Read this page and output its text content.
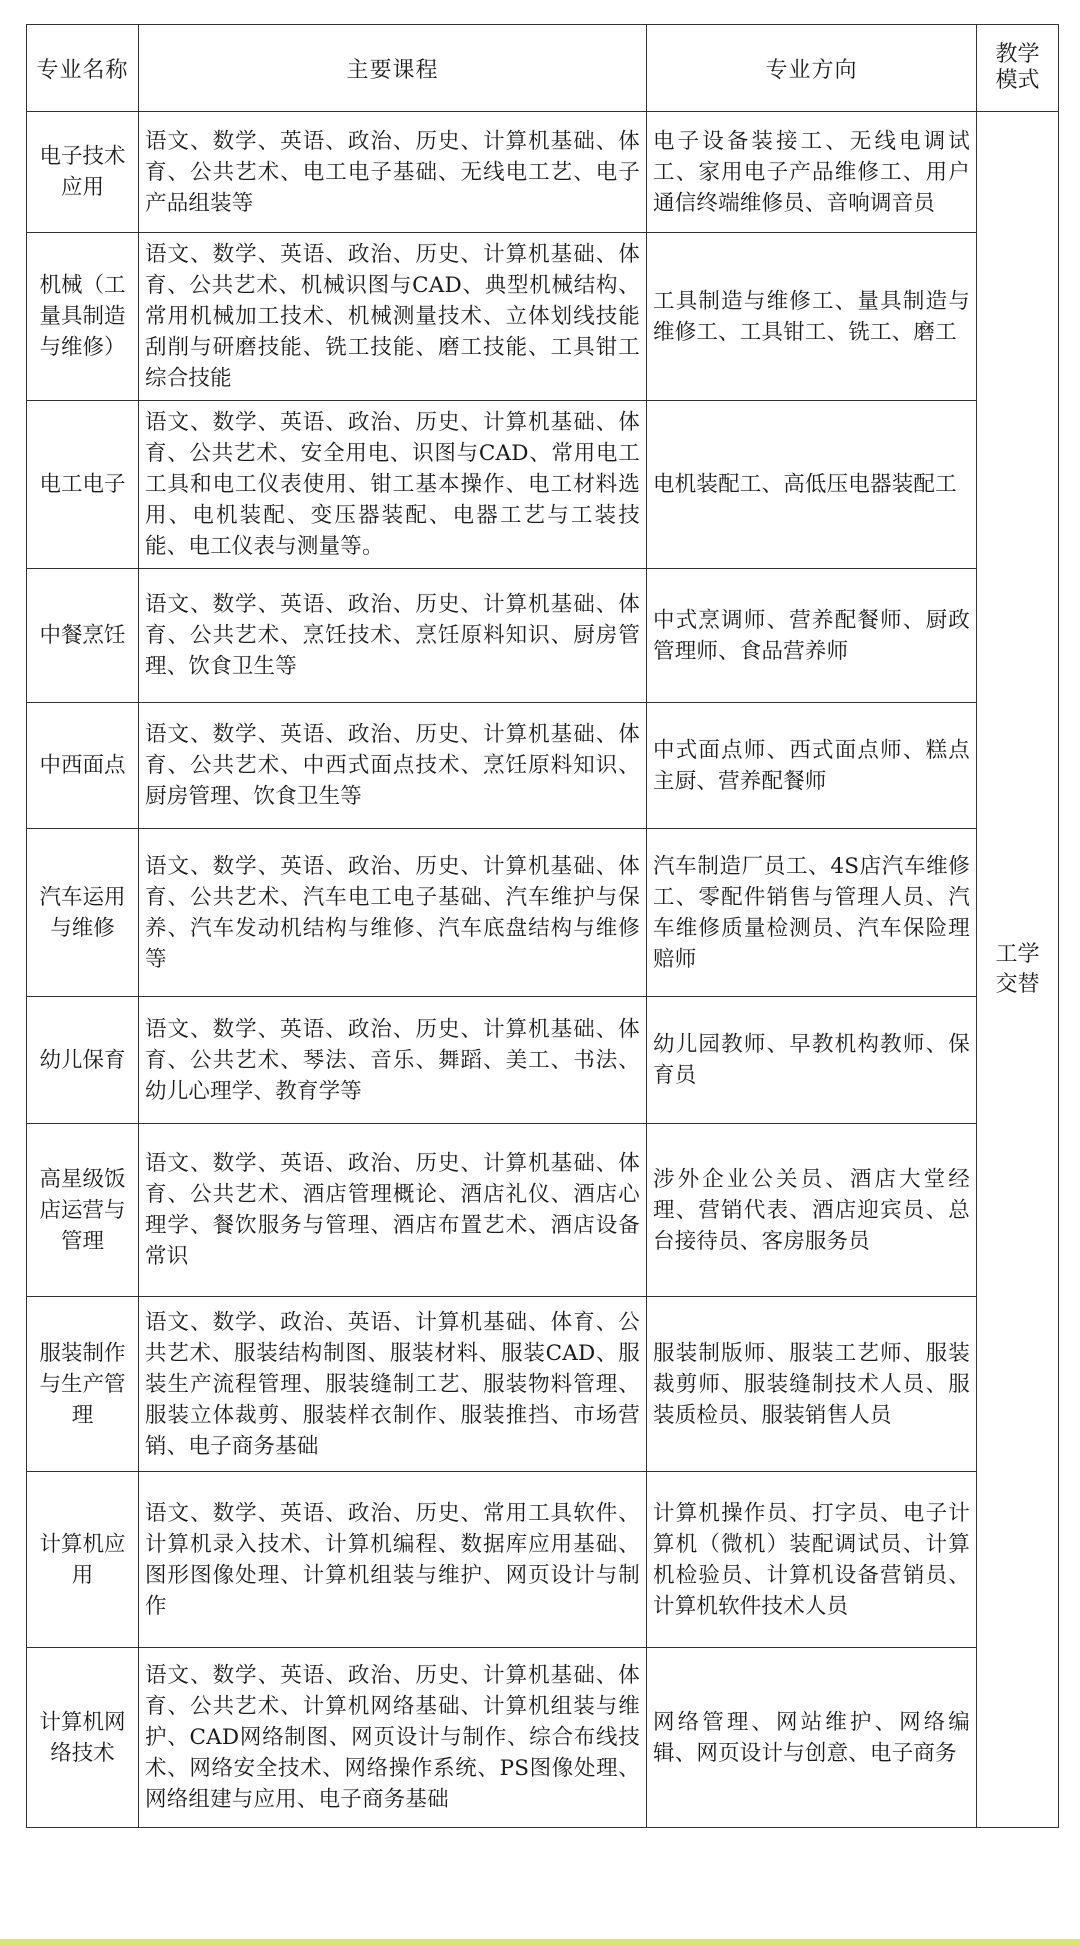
专业名称	主要课程	专业方向	教学模式
电子技术应用	语文、数学、英语、政治、历史、计算机基础、体育、公共艺术、电工电子基础、无线电工艺、电子产品组装等	电子设备装接工、无线电调试工、家用电子产品维修工、用户通信终端维修员、音响调音员	工学交替
机械（工量具制造与维修）	语文、数学、英语、政治、历史、计算机基础、体育、公共艺术、机械识图与CAD、典型机械结构、常用机械加工技术、机械测量技术、立体划线技能刮削与研磨技能、铣工技能、磨工技能、工具钳工综合技能	工具制造与维修工、量具制造与维修工、工具钳工、铣工、磨工	
电工电子	语文、数学、英语、政治、历史、计算机基础、体育、公共艺术、安全用电、识图与CAD、常用电工工具和电工仪表使用、钳工基本操作、电工材料选用、电机装配、变压器装配、电器工艺与工装技能、电工仪表与测量等。	电机装配工、高低压电器装配工	
中餐烹饪	语文、数学、英语、政治、历史、计算机基础、体育、公共艺术、烹饪技术、烹饪原料知识、厨房管理、饮食卫生等	中式烹调师、营养配餐师、厨政管理师、食品营养师	
中西面点	语文、数学、英语、政治、历史、计算机基础、体育、公共艺术、中西式面点技术、烹饪原料知识、厨房管理、饮食卫生等	中式面点师、西式面点师、糕点主厨、营养配餐师	
汽车运用与维修	语文、数学、英语、政治、历史、计算机基础、体育、公共艺术、汽车电工电子基础、汽车维护与保养、汽车发动机结构与维修、汽车底盘结构与维修等	汽车制造厂员工、4S店汽车维修工、零配件销售与管理人员、汽车维修质量检测员、汽车保险理赔师	
幼儿保育	语文、数学、英语、政治、历史、计算机基础、体育、公共艺术、琴法、音乐、舞蹈、美工、书法、幼儿心理学、教育学等	幼儿园教师、早教机构教师、保育员	
高星级饭店运营与管理	语文、数学、英语、政治、历史、计算机基础、体育、公共艺术、酒店管理概论、酒店礼仪、酒店心理学、餐饮服务与管理、酒店布置艺术、酒店设备常识	涉外企业公关员、酒店大堂经理、营销代表、酒店迎宾员、总台接待员、客房服务员	
服装制作与生产管理	语文、数学、政治、英语、计算机基础、体育、公共艺术、服装结构制图、服装材料、服装CAD、服装生产流程管理、服装缝制工艺、服装物料管理、服装立体裁剪、服装样衣制作、服装推挡、市场营销、电子商务基础	服装制版师、服装工艺师、服装裁剪师、服装缝制技术人员、服装质检员、服装销售人员	
计算机应用	语文、数学、英语、政治、历史、常用工具软件、计算机录入技术、计算机编程、数据库应用基础、图形图像处理、计算机组装与维护、网页设计与制作	计算机操作员、打字员、电子计算机（微机）装配调试员、计算机检验员、计算机设备营销员、计算机软件技术人员	
计算机网络技术	语文、数学、英语、政治、历史、计算机基础、体育、公共艺术、计算机网络基础、计算机组装与维护、CAD网络制图、网页设计与制作、综合布线技术、网络安全技术、网络操作系统、PS图像处理、网络组建与应用、电子商务基础	网络管理、网站维护、网络编辑、网页设计与创意、电子商务	
